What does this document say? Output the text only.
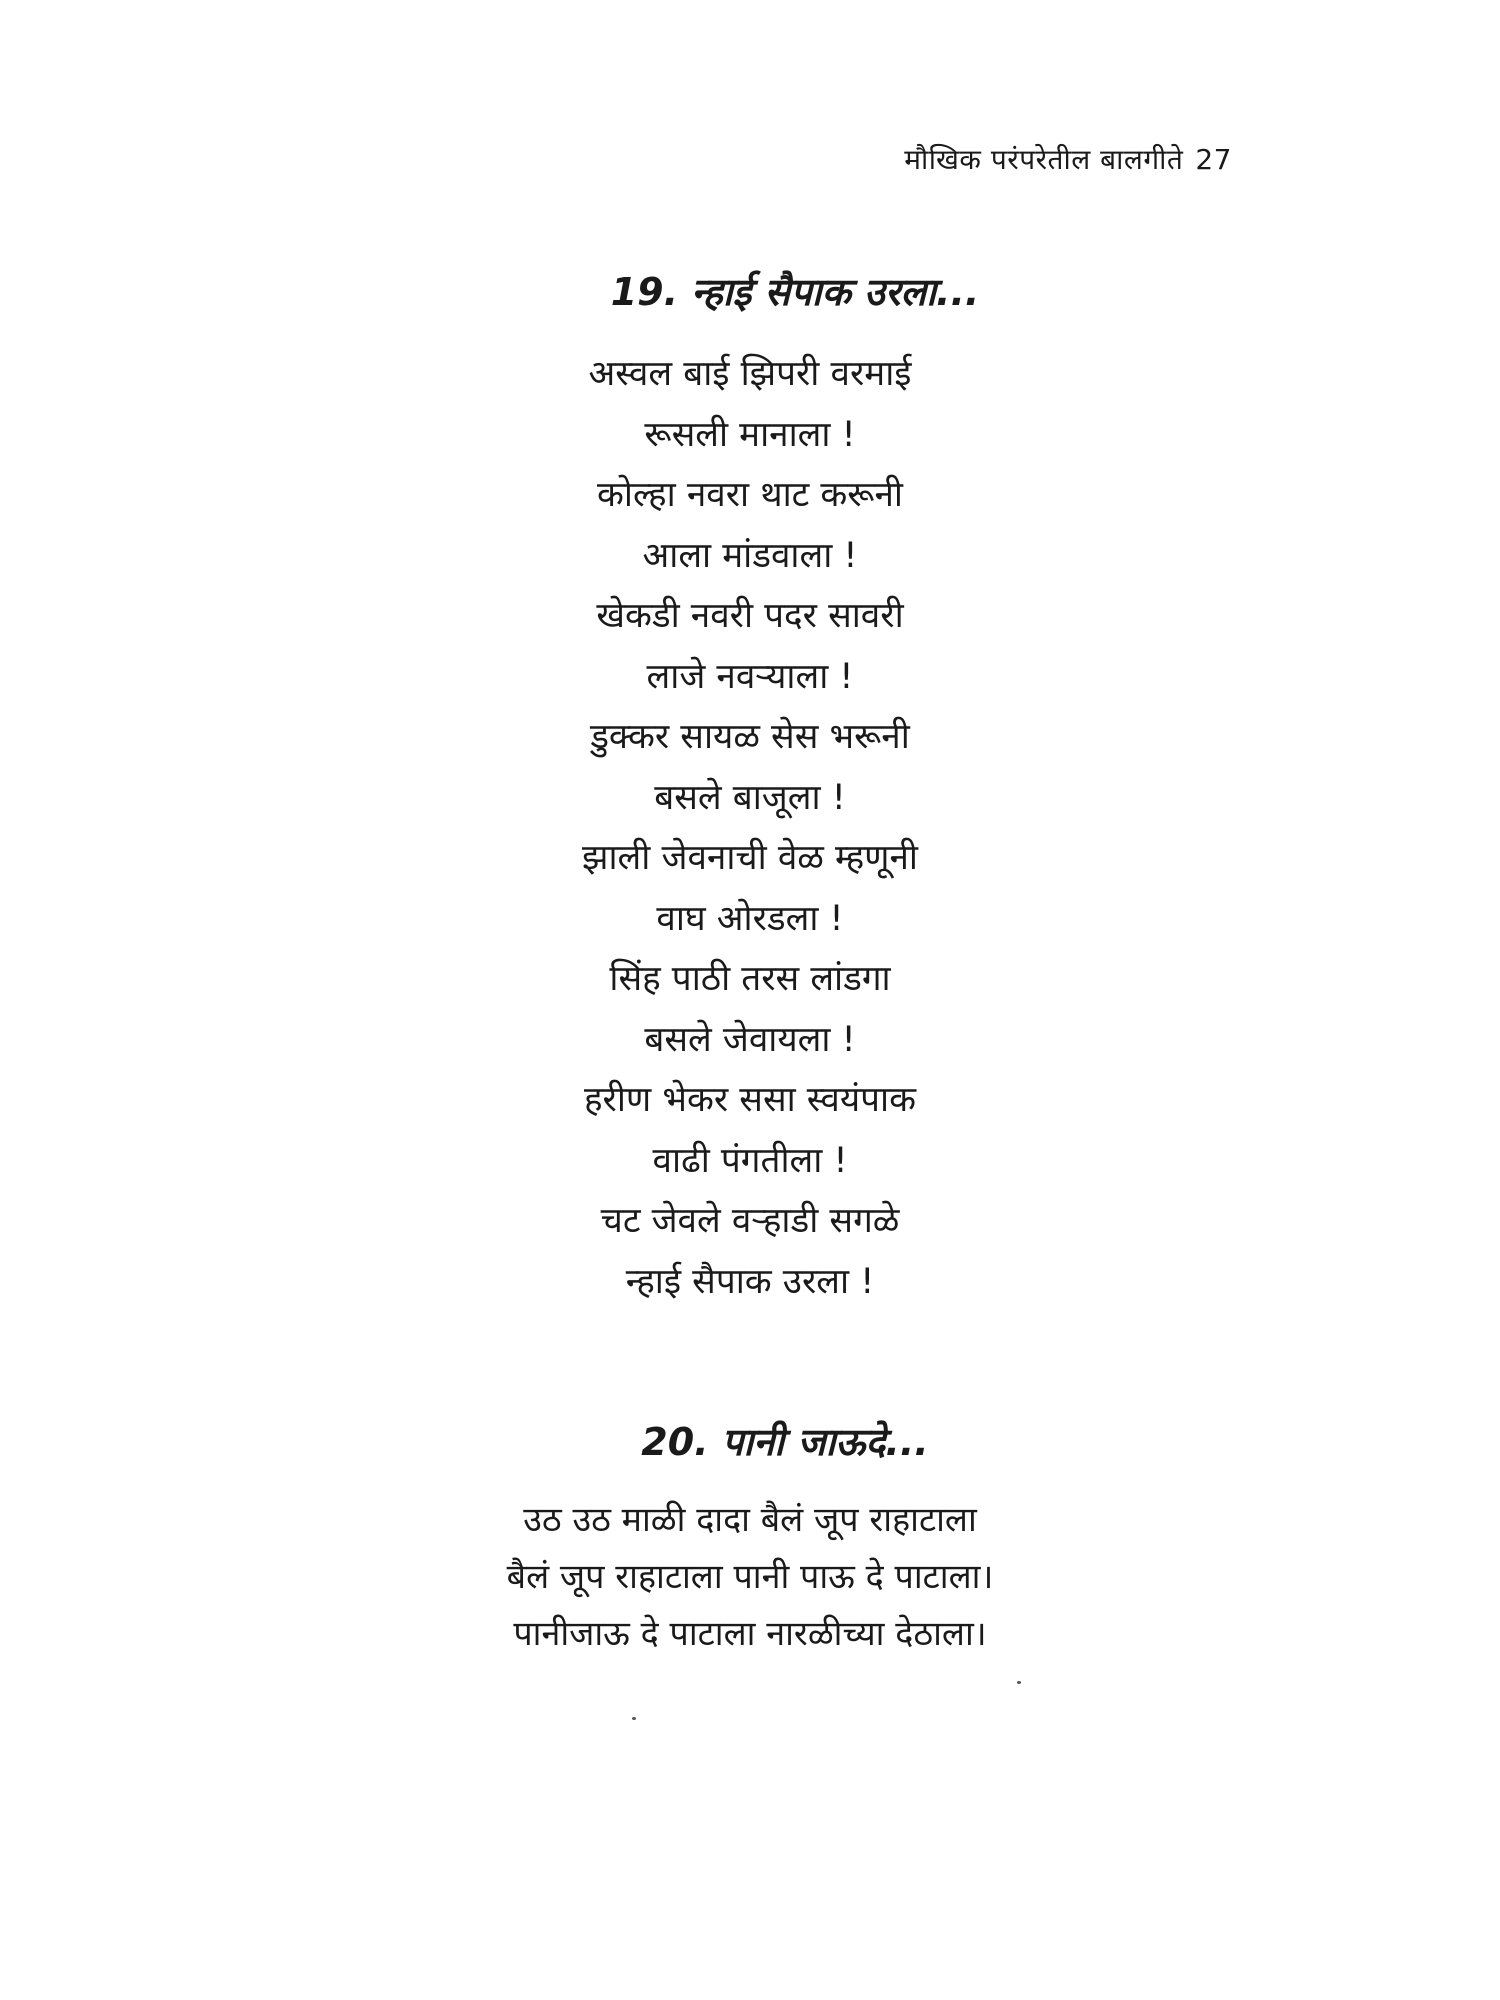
मौखिक परंपरेतील बालगीते 27
19. न्हाई सैपाक उरला...
अस्वल बाई झिपरी वरमाई
रूसली मानाला !
कोल्हा नवरा थाट करूनी
आला मांडवाला !
खेकडी नवरी पदर सावरी
लाजे नवऱ्याला !
डुक्कर सायळ सेस भरूनी
बसले बाजूला !
झाली जेवनाची वेळ म्हणूनी
वाघ ओरडला !
सिंह पाठी तरस लांडगा
बसले जेवायला !
हरीण भेकर ससा स्वयंपाक
वाढी पंगतीला !
चट जेवले वऱ्हाडी सगळे
न्हाई सैपाक उरला !
20. पानी जाऊदे...
उठ उठ माळी दादा बैलं जूप राहाटाला
बैलं जूप राहाटाला पानी पाऊ दे पाटाला।
पानीजाऊ दे पाटाला नारळीच्या देठाला।
